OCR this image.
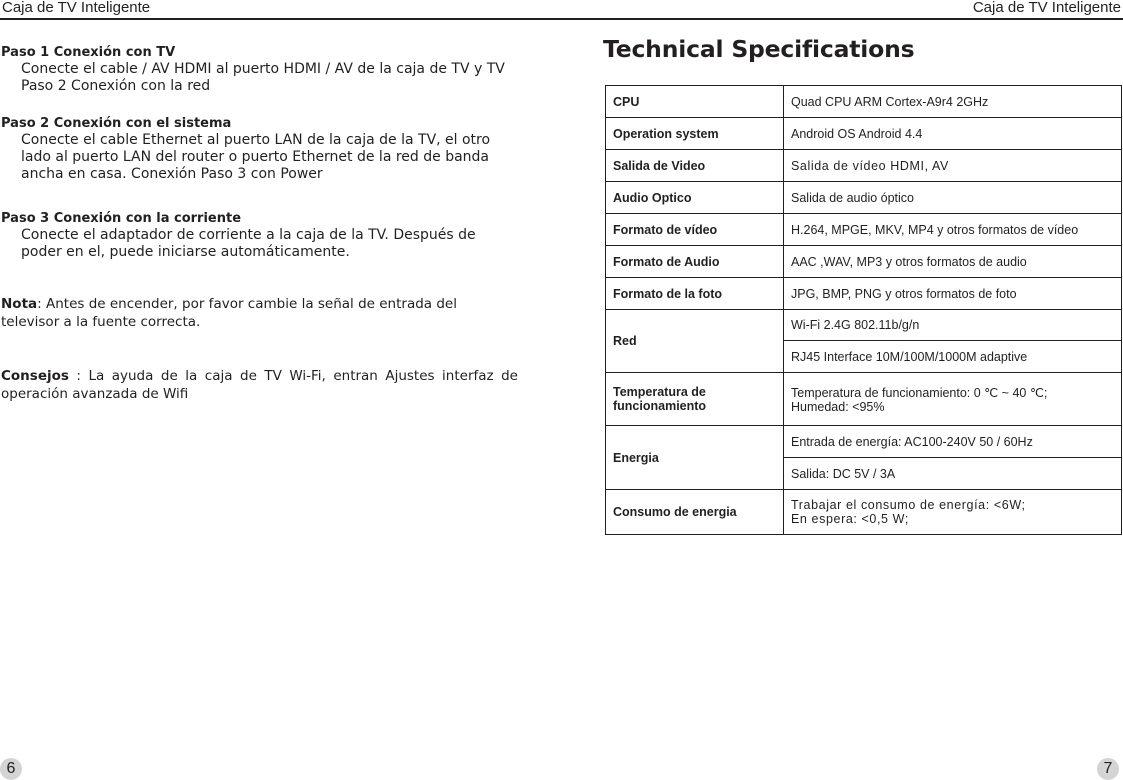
Caja de TV Inteligente	Caja de TV Inteligente
Paso 1 Conexión con TV
Conecte el cable / AV HDMI al puerto HDMI / AV de la caja de TV y TV Paso 2 Conexión con la red
Paso 2 Conexión con el sistema
Conecte el cable Ethernet al puerto LAN de la caja de la TV, el otro lado al puerto LAN del router o puerto Ethernet de la red de banda ancha en casa. Conexión Paso 3 con Power
Paso 3 Conexión con la corriente
Conecte el adaptador de corriente a la caja de la TV. Después de poder en el, puede iniciarse automáticamente.
Nota: Antes de encender, por favor cambie la señal de entrada del televisor a la fuente correcta.
Consejos : La ayuda de la caja de TV Wi-Fi, entran Ajustes interfaz de operación avanzada de Wifi
Technical Specifications
CPU	Quad CPU ARM Cortex-A9r4 2GHz
Operation system	Android OS Android 4.4
Salida de Video	Salida de vídeo HDMI, AV
Audio Optico	Salida de audio óptico
Formato de vídeo	H.264, MPGE, MKV, MP4 y otros formatos de vídeo
Formato de Audio	AAC ,WAV, MP3 y otros formatos de audio
Formato de la foto	JPG, BMP, PNG y otros formatos de foto
Red	Wi-Fi 2.4G 802.11b/g/n
	RJ45 Interface 10M/100M/1000M adaptive
Temperatura de funcionamiento	Temperatura de funcionamiento: 0 ℃ ~ 40 ℃;
Humedad: <95%

Energia	Entrada de energía: AC100-240V 50 / 60Hz
	Salida: DC 5V / 3A
Consumo de energia	Trabajar el consumo de energía: <6W;
En espera: <0,5 W;
6	7
